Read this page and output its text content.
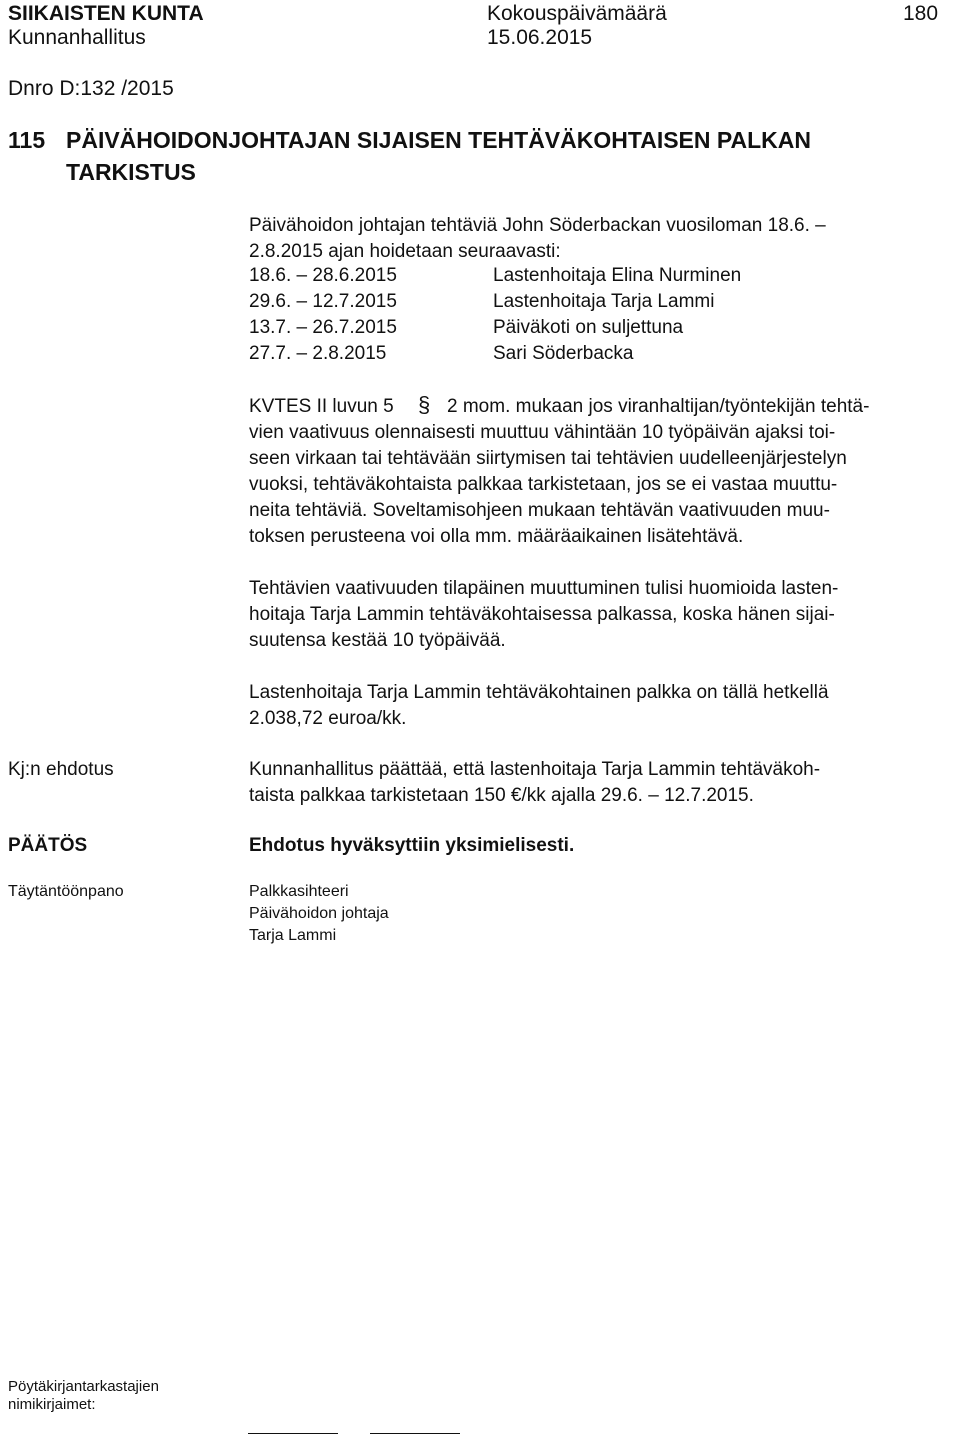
SIIKAISTEN KUNTA	Kokouspäivämäärä	180
Kunnanhallitus	15.06.2015
Dnro D:132 /2015
115 PÄIVÄHOIDONJOHTAJAN SIJAISEN TEHTÄVÄKOHTAISEN PALKAN
TARKISTUS
Päivähoidon johtajan tehtäviä John Söderbackan vuosiloman 18.6. –
2.8.2015 ajan hoidetaan seuraavasti:
18.6. – 28.6.2015	Lastenhoitaja Elina Nurminen
29.6. – 12.7.2015	Lastenhoitaja Tarja Lammi
13.7. – 26.7.2015	Päiväkoti on suljettuna
27.7. – 2.8.2015	Sari Söderbacka
KVTES II luvun 5 § 2 mom. mukaan jos viranhaltijan/työntekijän tehtä-
vien vaativuus olennaisesti muuttuu vähintään 10 työpäivän ajaksi toi-
seen virkaan tai tehtävään siirtymisen tai tehtävien uudelleenjärjestelyn
vuoksi, tehtäväkohtaista palkkaa tarkistetaan, jos se ei vastaa muuttu-
neita tehtäviä. Soveltamisohjeen mukaan tehtävän vaativuuden muu-
toksen perusteena voi olla mm. määräaikainen lisätehtävä.
Tehtävien vaativuuden tilapäinen muuttuminen tulisi huomioida lasten-
hoitaja Tarja Lammin tehtäväkohtaisessa palkassa, koska hänen sijai-
suutensa kestää 10 työpäivää.
Lastenhoitaja Tarja Lammin tehtäväkohtainen palkka on tällä hetkellä
2.038,72 euroa/kk.
Kj:n ehdotus	Kunnanhallitus päättää, että lastenhoitaja Tarja Lammin tehtäväkoh-
taista palkkaa tarkistetaan 150 €/kk ajalla 29.6. – 12.7.2015.
PÄÄTÖS	Ehdotus hyväksyttiin yksimielisesti.
Täytäntöönpano	Palkkasihteeri
Päivähoidon johtaja
Tarja Lammi
Pöytäkirjantarkastajien
nimikirjaimet:
